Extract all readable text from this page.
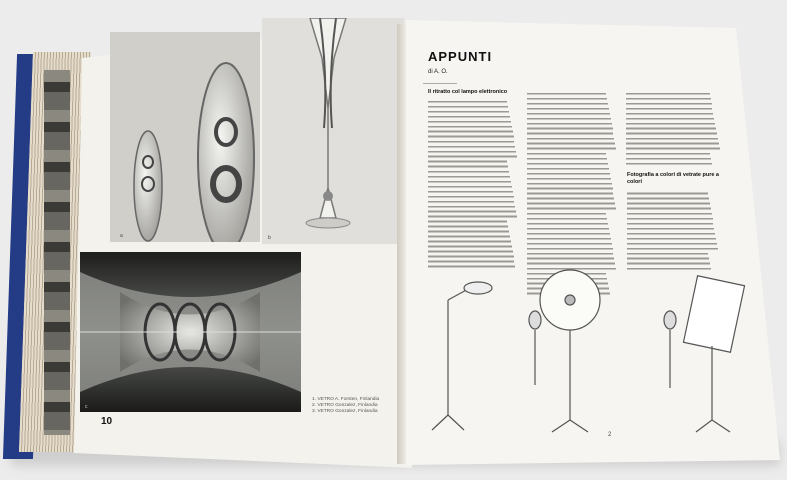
a	b
c
10
1. VETRO A. Forsten, Finlandia
2. VETRO Gonzalez, Finlandia
3. VETRO Gonzalez, Finlandia
APPUNTI
di A. O.
Il ritratto col lampo elettronico
Fotografia a colori di vetrate pure a colori
2
